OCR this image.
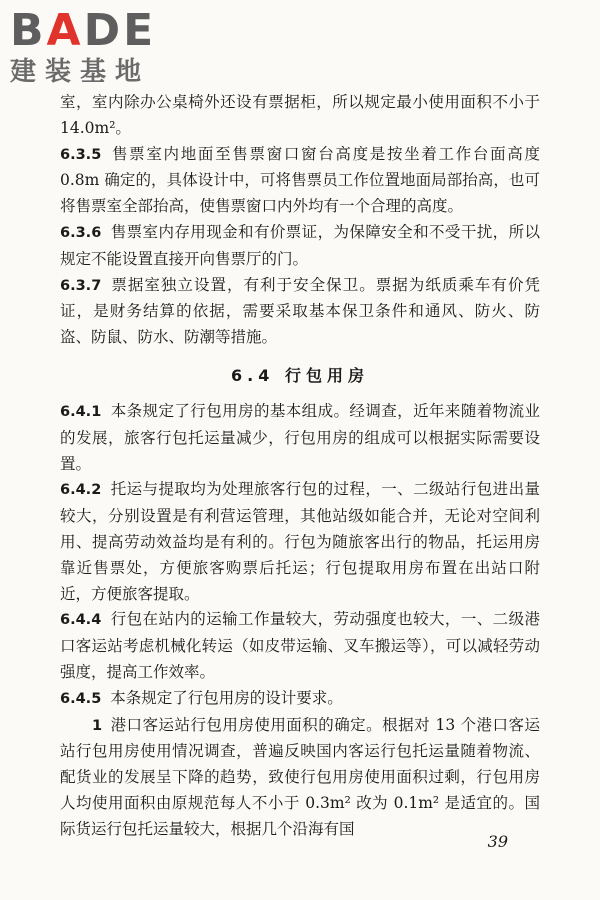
BADE
建装基地

室，室内除办公桌椅外还设有票据柜，所以规定最小使用面积不小于 14.0m²。

6.3.5 售票室内地面至售票窗口窗台高度是按坐着工作台面高度 0.8m 确定的，具体设计中，可将售票员工作位置地面局部抬高，也可将售票室全部抬高，使售票窗口内外均有一个合理的高度。

6.3.6 售票室内存用现金和有价票证，为保障安全和不受干扰，所以规定不能设置直接开向售票厅的门。

6.3.7 票据室独立设置，有利于安全保卫。票据为纸质乘车有价凭证，是财务结算的依据，需要采取基本保卫条件和通风、防火、防盗、防鼠、防水、防潮等措施。

6.4 行包用房

6.4.1 本条规定了行包用房的基本组成。经调查，近年来随着物流业的发展，旅客行包托运量减少，行包用房的组成可以根据实际需要设置。

6.4.2 托运与提取均为处理旅客行包的过程，一、二级站行包进出量较大，分别设置是有利营运管理，其他站级如能合并，无论对空间利用、提高劳动效益均是有利的。行包为随旅客出行的物品，托运用房靠近售票处，方便旅客购票后托运；行包提取用房布置在出站口附近，方便旅客提取。

6.4.4 行包在站内的运输工作量较大，劳动强度也较大，一、二级港口客运站考虑机械化转运（如皮带运输、叉车搬运等），可以减轻劳动强度，提高工作效率。

6.4.5 本条规定了行包用房的设计要求。

1 港口客运站行包用房使用面积的确定。根据对 13 个港口客运站行包用房使用情况调查，普遍反映国内客运行包托运量随着物流、配货业的发展呈下降的趋势，致使行包用房使用面积过剩，行包用房人均使用面积由原规范每人不小于 0.3m² 改为 0.1m² 是适宜的。国际货运行包托运量较大，根据几个沿海有国

39
